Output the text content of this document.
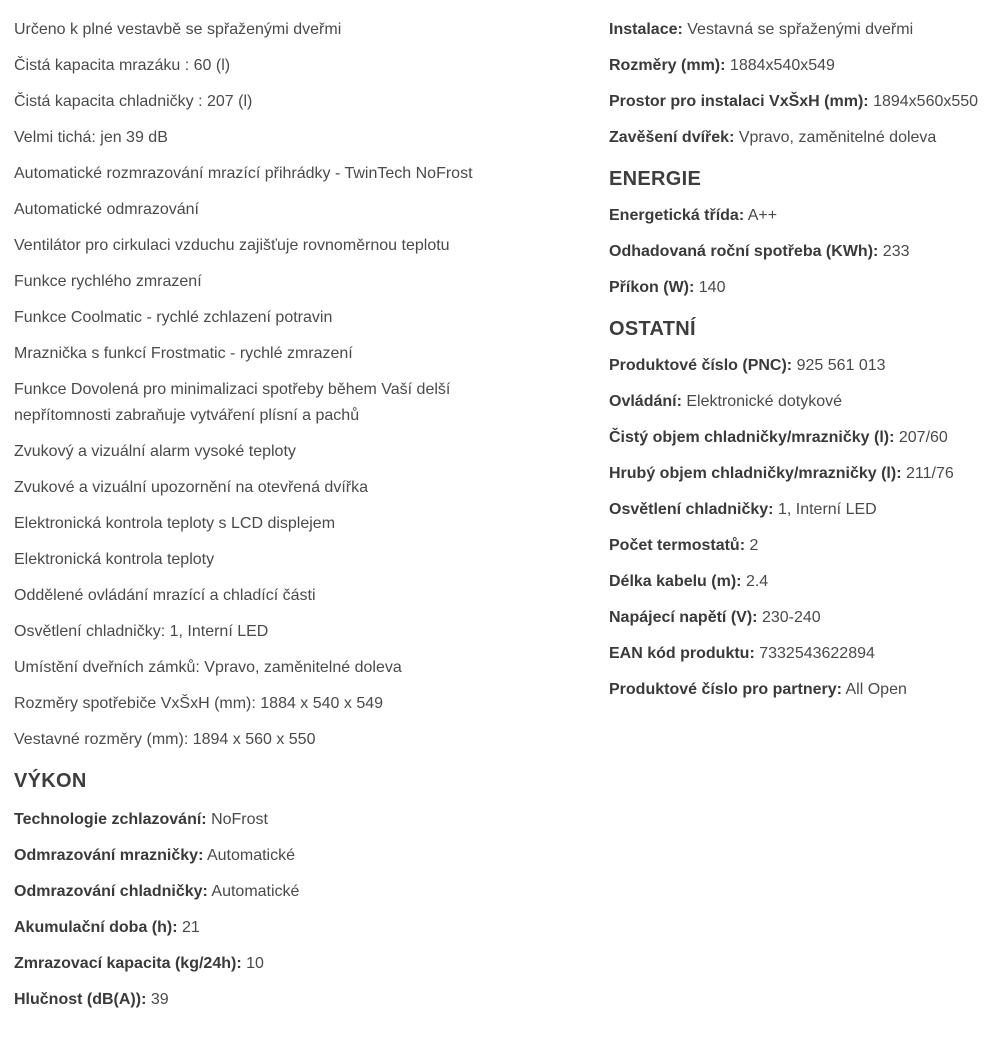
Určeno k plné vestavbě se spřaženými dveřmi
Čistá kapacita mrazáku : 60 (l)
Čistá kapacita chladničky : 207 (l)
Velmi tichá: jen 39 dB
Automatické rozmrazování mrazící přihrádky - TwinTech NoFrost
Automatické odmrazování
Ventilátor pro cirkulaci vzduchu zajišťuje rovnoměrnou teplotu
Funkce rychlého zmrazení
Funkce Coolmatic - rychlé zchlazení potravin
Mraznička s funkcí Frostmatic - rychlé zmrazení
Funkce Dovolená pro minimalizaci spotřeby během Vaší delší nepřítomnosti zabraňuje vytváření plísní a pachů
Zvukový a vizuální alarm vysoké teploty
Zvukové a vizuální upozornění na otevřená dvířka
Elektronická kontrola teploty s LCD displejem
Elektronická kontrola teploty
Oddělené ovládání mrazící a chladící části
Osvětlení chladničky: 1, Interní LED
Umístění dveřních zámků: Vpravo, zaměnitelné doleva
Rozměry spotřebiče VxŠxH (mm): 1884 x 540 x 549
Vestavné rozměry (mm): 1894 x 560 x 550
VÝKON
Technologie zchlazování: NoFrost
Odmrazování mrazničky: Automatické
Odmrazování chladničky: Automatické
Akumulační doba (h): 21
Zmrazovací kapacita (kg/24h): 10
Hlučnost (dB(A)): 39
Instalace: Vestavná se spřaženými dveřmi
Rozměry (mm): 1884x540x549
Prostor pro instalaci VxŠxH (mm): 1894x560x550
Zavěšení dvířek: Vpravo, zaměnitelné doleva
ENERGIE
Energetická třída: A++
Odhadovaná roční spotřeba (KWh): 233
Příkon (W): 140
OSTATNÍ
Produktové číslo (PNC): 925 561 013
Ovládání: Elektronické dotykové
Čistý objem chladničky/mrazničky (l): 207/60
Hrubý objem chladničky/mrazničky (l): 211/76
Osvětlení chladničky: 1, Interní LED
Počet termostatů: 2
Délka kabelu (m): 2.4
Napájecí napětí (V): 230-240
EAN kód produktu: 7332543622894
Produktové číslo pro partnery: All Open
